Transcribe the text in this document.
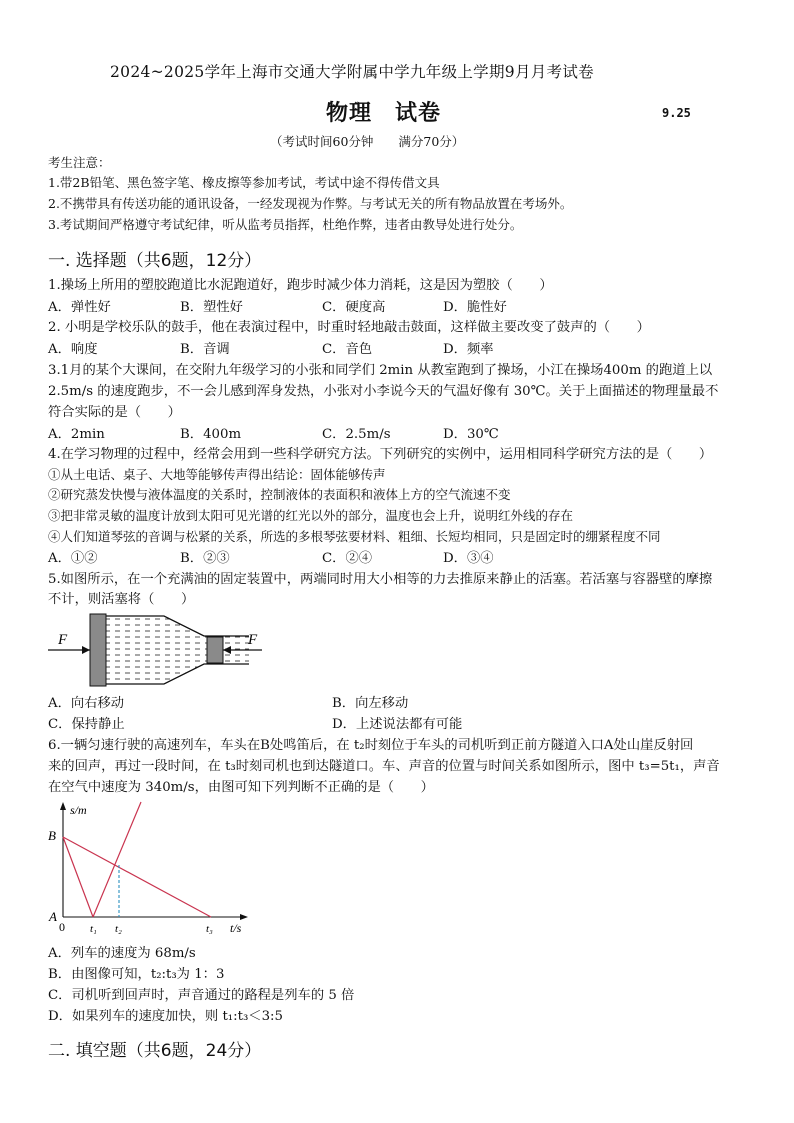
2024~2025学年上海市交通大学附属中学九年级上学期9月月考试卷
物理　试卷	9.25
（考试时间60分钟　　满分70分）
考生注意：
1.带2B铅笔、黑色签字笔、橡皮擦等参加考试，考试中途不得传借文具
2.不携带具有传送功能的通讯设备，一经发现视为作弊。与考试无关的所有物品放置在考场外。
3.考试期间严格遵守考试纪律，听从监考员指挥，杜绝作弊，违者由教导处进行处分。
一. 选择题（共6题，12分）
1.操场上所用的塑胶跑道比水泥跑道好，跑步时减少体力消耗，这是因为塑胶（　　）
A．弹性好	B．塑性好	C．硬度高	D．脆性好
2. 小明是学校乐队的鼓手，他在表演过程中，时重时轻地敲击鼓面，这样做主要改变了鼓声的（　　）
A．响度	B．音调	C．音色	D．频率
3.1月的某个大课间，在交附九年级学习的小张和同学们 2min 从教室跑到了操场，小江在操场400m 的跑道上以
2.5m/s 的速度跑步，不一会儿感到浑身发热，小张对小李说今天的气温好像有 30℃。关于上面描述的物理量最不
符合实际的是（　　）
A．2min	B．400m	C．2.5m/s	D．30℃
4.在学习物理的过程中，经常会用到一些科学研究方法。下列研究的实例中，运用相同科学研究方法的是（　　）
①从土电话、桌子、大地等能够传声得出结论：固体能够传声
②研究蒸发快慢与液体温度的关系时，控制液体的表面积和液体上方的空气流速不变
③把非常灵敏的温度计放到太阳可见光谱的红光以外的部分，温度也会上升，说明红外线的存在
④人们知道琴弦的音调与松紧的关系，所选的多根琴弦要材料、粗细、长短均相同，只是固定时的绷紧程度不同
A．①②	B．②③	C．②④	D．③④
5.如图所示，在一个充满油的固定装置中，两端同时用大小相等的力去推原来静止的活塞。若活塞与容器壁的摩擦
不计，则活塞将（　　）
F	F
A．向右移动	B．向左移动
C．保持静止	D．上述说法都有可能
6.一辆匀速行驶的高速列车，车头在B处鸣笛后，在 t₂时刻位于车头的司机听到正前方隧道入口A处山崖反射回
来的回声，再过一段时间，在 t₃时刻司机也到达隧道口。车、声音的位置与时间关系如图所示，图中 t₃=5t₁，声音
在空气中速度为 340m/s，由图可知下列判断不正确的是（　　）
s/m
t/s
B
A
0 t₁ t₂	t₃
A．列车的速度为 68m/s
B．由图像可知，t₂:t₃为 1：3
C．司机听到回声时，声音通过的路程是列车的 5 倍
D．如果列车的速度加快，则 t₁:t₃＜3:5
二. 填空题（共6题，24分）
